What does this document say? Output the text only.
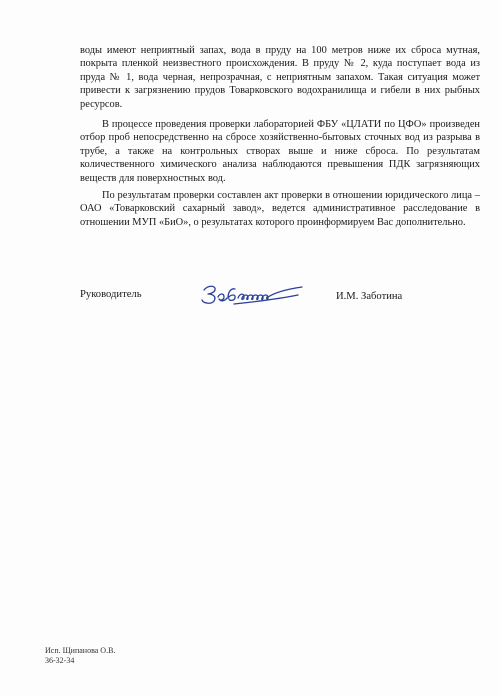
воды имеют неприятный запах, вода в пруду на 100 метров ниже их сброса мутная, покрыта пленкой неизвестного происхождения. В пруду № 2, куда поступает вода из пруда № 1, вода черная, непрозрачная, с неприятным запахом. Такая ситуация может привести к загрязнению прудов Товарковского водохранилища и гибели в них рыбных ресурсов.

В процессе проведения проверки лабораторией ФБУ «ЦЛАТИ по ЦФО» произведен отбор проб непосредственно на сбросе хозяйственно-бытовых сточных вод из разрыва в трубе, а также на контрольных створах выше и ниже сброса. По результатам количественного химического анализа наблюдаются превышения ПДК загрязняющих веществ для поверхностных вод.

По результатам проверки составлен акт проверки в отношении юридического лица – ОАО «Товарковский сахарный завод», ведется административное расследование в отношении МУП «БиО», о результатах которого проинформируем Вас дополнительно.

Руководитель	И.М. Заботина
Исп. Щипанова О.В.
36-32-34
